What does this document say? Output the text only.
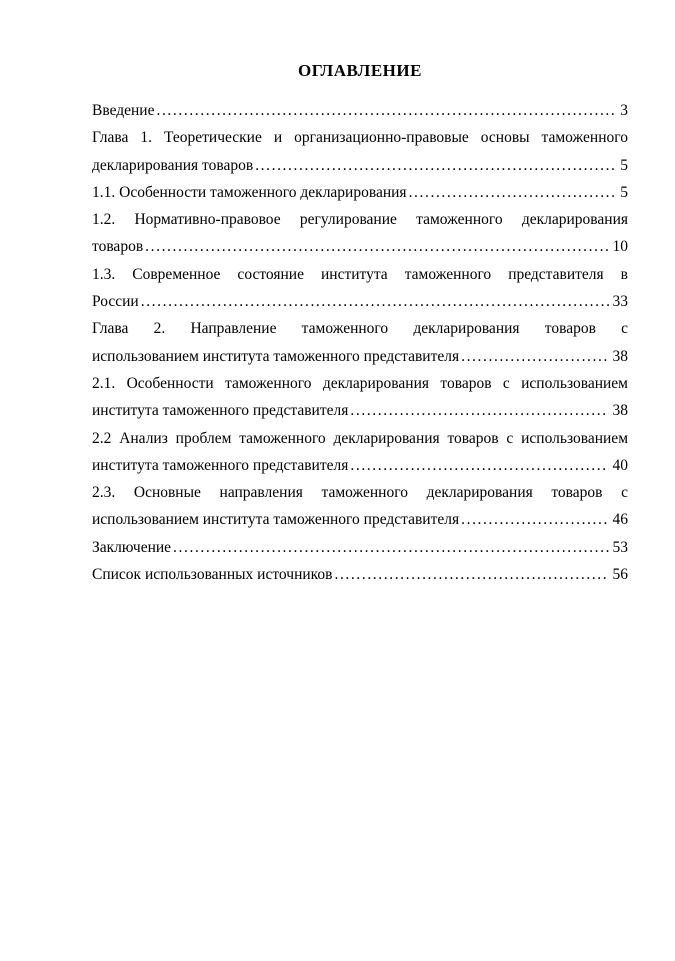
ОГЛАВЛЕНИЕ
Введение .....	3
Глава 1. Теоретические и организационно-правовые основы таможенного
декларирования товаров .....	5
1.1. Особенности таможенного декларирования .....	5
1.2. Нормативно-правовое регулирование таможенного декларирования
товаров .....	10
1.3. Современное состояние института таможенного представителя в
России .....	33
Глава 2. Направление таможенного декларирования товаров с
использованием института таможенного представителя .....	38
2.1. Особенности таможенного декларирования товаров с использованием
института таможенного представителя .....	38
2.2 Анализ проблем таможенного декларирования товаров с использованием
института таможенного представителя .....	40
2.3. Основные направления таможенного декларирования товаров с
использованием института таможенного представителя .....	46
Заключение .....	53
Список использованных источников .....	56
